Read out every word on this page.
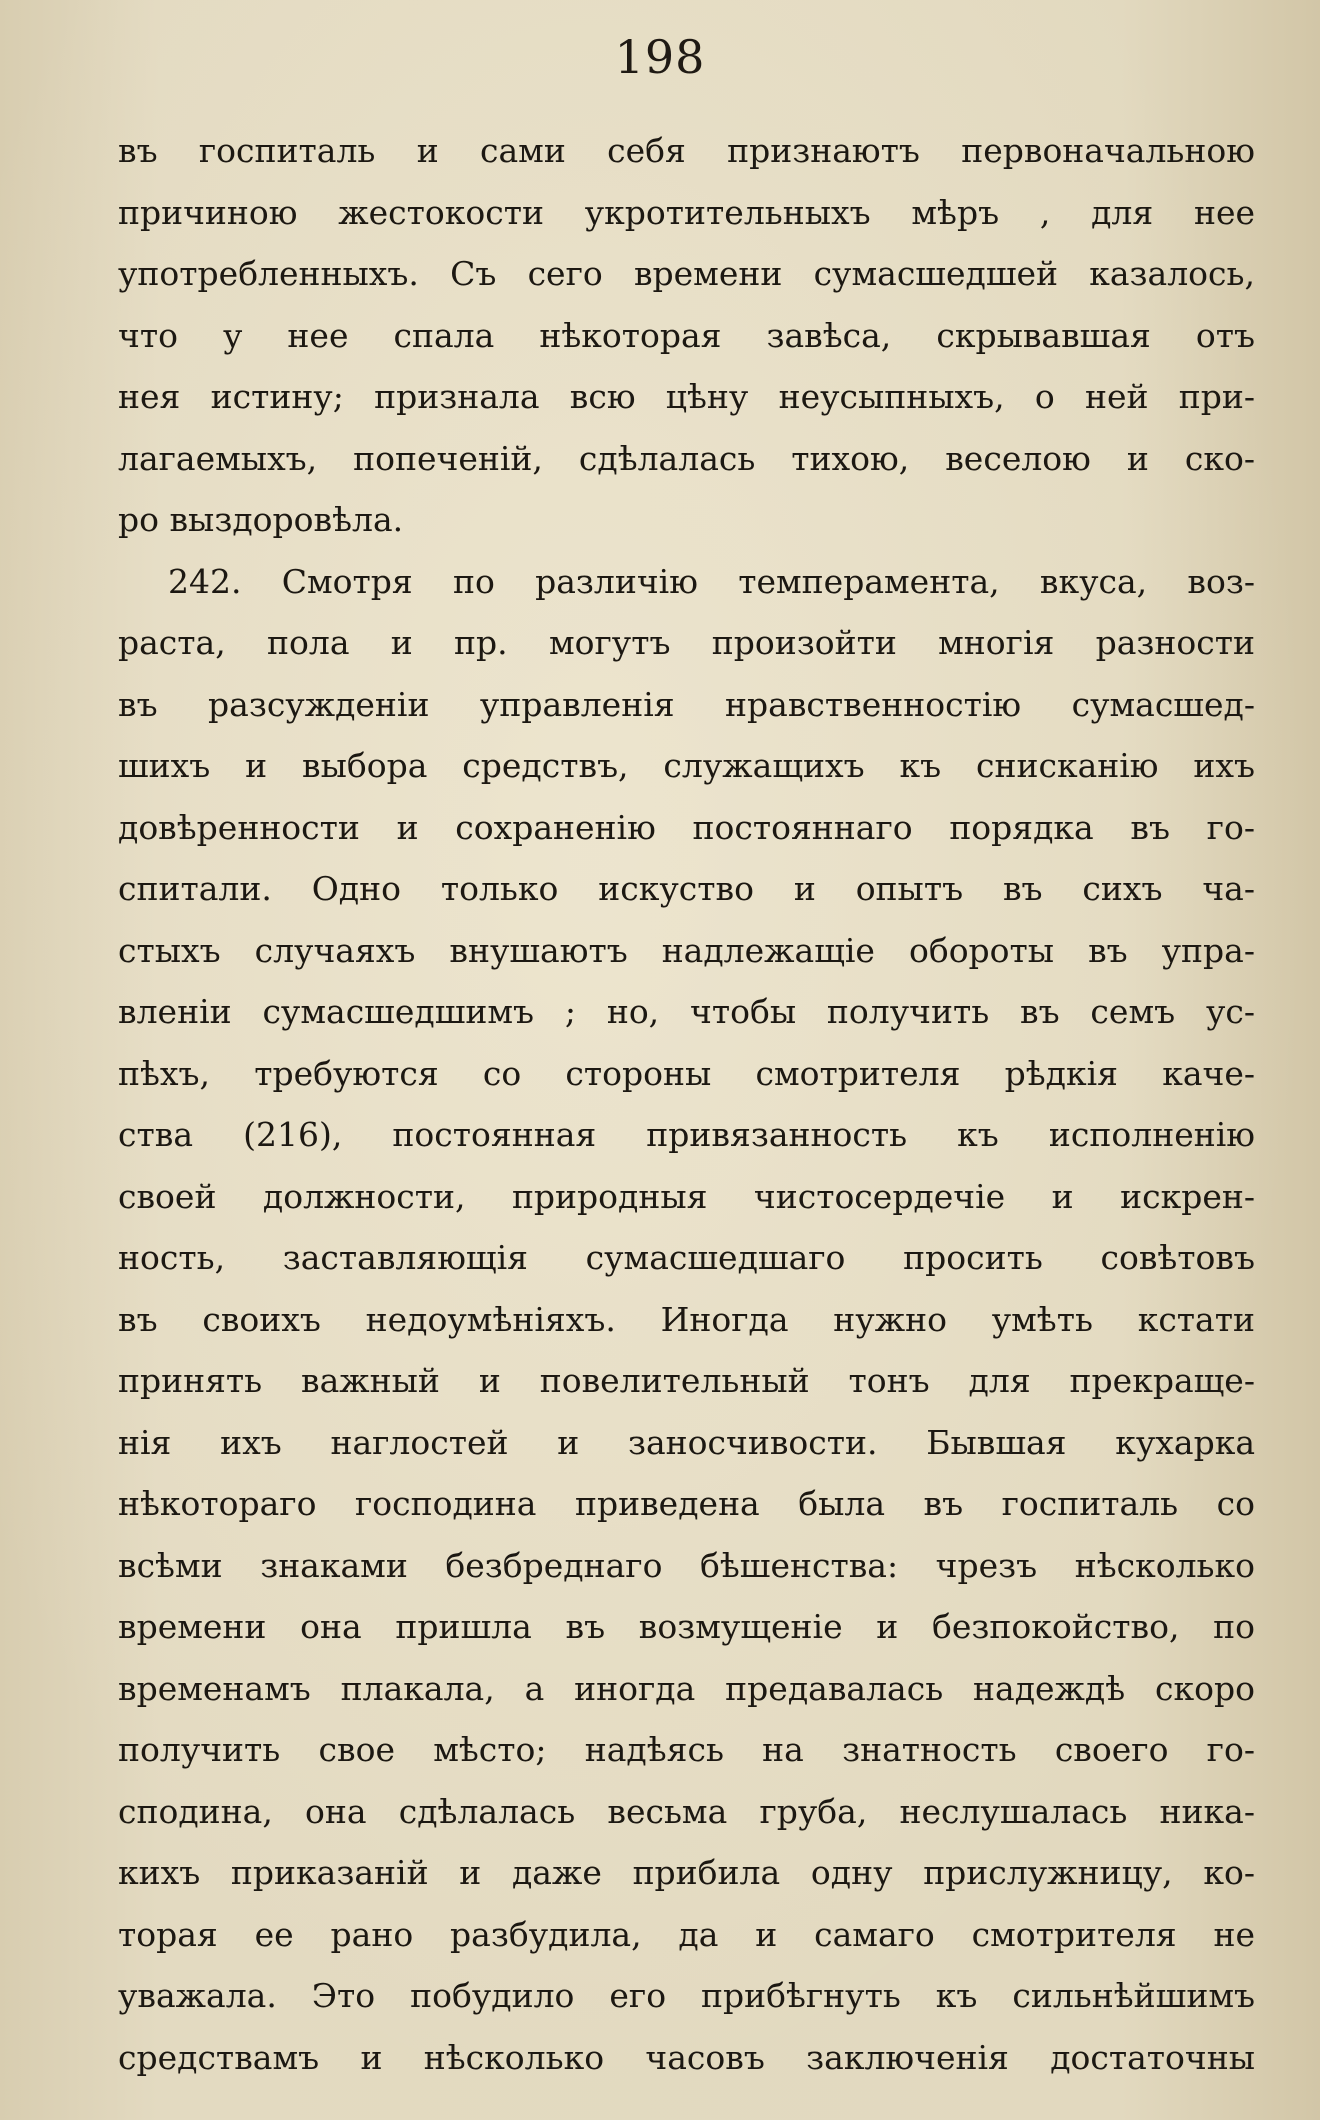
198
въ госпиталь и сами себя признаютъ первоначальною
причиною жестокости укротительныхъ мѣръ , для нее
употребленныхъ. Съ сего времени сумасшедшей казалось,
что у нее спала нѣкоторая завѣса, скрывавшая отъ
нея истину; признала всю цѣну неусыпныхъ, о ней при-
лагаемыхъ, попеченій, сдѣлалась тихою, веселою и ско-
ро выздоровѣла.
242. Смотря по различію темперамента, вкуса, воз-
раста, пола и пр. могутъ произойти многія разности
въ разсужденіи управленія нравственностію сумасшед-
шихъ и выбора средствъ, служащихъ къ снисканію ихъ
довѣренности и сохраненію постояннаго порядка въ го-
спитали. Одно только искуство и опытъ въ сихъ ча-
стыхъ случаяхъ внушаютъ надлежащіе обороты въ упра-
вленіи сумасшедшимъ ; но, чтобы получить въ семъ ус-
пѣхъ, требуются со стороны смотрителя рѣдкія каче-
ства (216), постоянная привязанность къ исполненію
своей должности, природныя чистосердечіе и искрен-
ность, заставляющія сумасшедшаго просить совѣтовъ
въ своихъ недоумѣніяхъ. Иногда нужно умѣть кстати
принять важный и повелительный тонъ для прекраще-
нія ихъ наглостей и заносчивости. Бывшая кухарка
нѣкотораго господина приведена была въ госпиталь со
всѣми знаками безбреднаго бѣшенства: чрезъ нѣсколько
времени она пришла въ возмущеніе и безпокойство, по
временамъ плакала, а иногда предавалась надеждѣ скоро
получить свое мѣсто; надѣясь на знатность своего го-
сподина, она сдѣлалась весьма груба, неслушалась ника-
кихъ приказаній и даже прибила одну прислужницу, ко-
торая ее рано разбудила, да и самаго смотрителя не
уважала. Это побудило его прибѣгнуть къ сильнѣйшимъ
средствамъ и нѣсколько часовъ заключенія достаточны
